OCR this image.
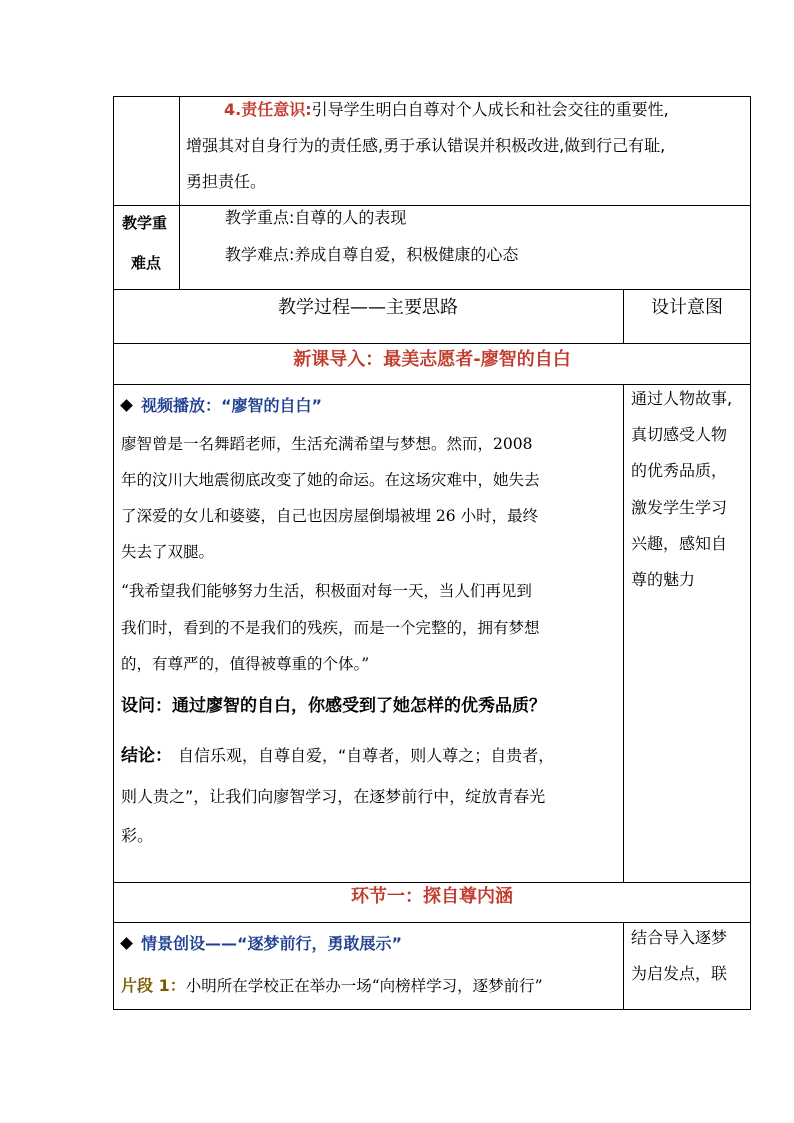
4.责任意识:引导学生明白自尊对个人成长和社会交往的重要性,
增强其对自身行为的责任感,勇于承认错误并积极改进,做到行己有耻,
勇担责任。
教学重
难点
教学重点:自尊的人的表现
教学难点:养成自尊自爱，积极健康的心态
教学过程——主要思路	设计意图
新课导入：最美志愿者-廖智的自白
视频播放：“廖智的自白”
廖智曾是一名舞蹈老师，生活充满希望与梦想。然而，2008
年的汶川大地震彻底改变了她的命运。在这场灾难中，她失去
了深爱的女儿和婆婆，自己也因房屋倒塌被埋 26 小时，最终
失去了双腿。
“我希望我们能够努力生活，积极面对每一天，当人们再见到
我们时，看到的不是我们的残疾，而是一个完整的，拥有梦想
的，有尊严的，值得被尊重的个体。”
设问：通过廖智的自白，你感受到了她怎样的优秀品质？
结论： 自信乐观，自尊自爱，“自尊者，则人尊之；自贵者，
则人贵之”，让我们向廖智学习，在逐梦前行中，绽放青春光
彩。
通过人物故事,
真切感受人物
的优秀品质，
激发学生学习
兴趣，感知自
尊的魅力
环节一：探自尊内涵
情景创设——“逐梦前行，勇敢展示”
片段 1：小明所在学校正在举办一场“向榜样学习，逐梦前行”
结合导入逐梦
为启发点，联
